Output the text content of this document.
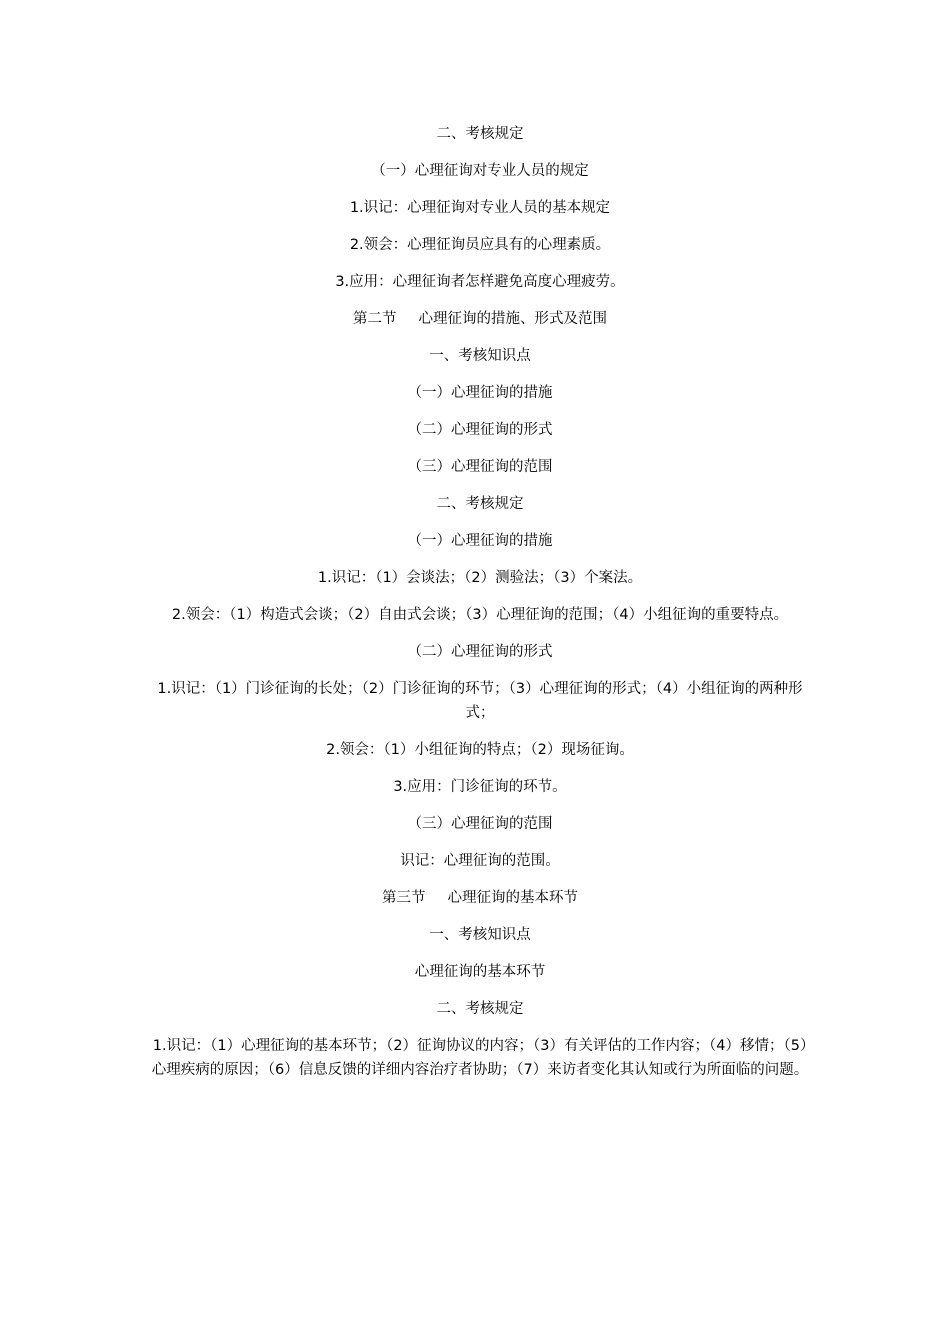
二、考核规定

（一）心理征询对专业人员的规定

1.识记：心理征询对专业人员的基本规定

2.领会：心理征询员应具有的心理素质。

3.应用：心理征询者怎样避免高度心理疲劳。

第二节 心理征询的措施、形式及范围

一、考核知识点

（一）心理征询的措施

（二）心理征询的形式

（三）心理征询的范围

二、考核规定

（一）心理征询的措施

1.识记：（1）会谈法；（2）测验法；（3）个案法。

2.领会：（1）构造式会谈；（2）自由式会谈；（3）心理征询的范围；（4）小组征询的重要特点。

（二）心理征询的形式

1.识记：（1）门诊征询的长处；（2）门诊征询的环节；（3）心理征询的形式；（4）小组征询的两种形式；

2.领会：（1）小组征询的特点；（2）现场征询。

3.应用：门诊征询的环节。

（三）心理征询的范围

识记：心理征询的范围。

第三节 心理征询的基本环节

一、考核知识点

心理征询的基本环节

二、考核规定

1.识记：（1）心理征询的基本环节；（2）征询协议的内容；（3）有关评估的工作内容；（4）移情；（5）心理疾病的原因；（6）信息反馈的详细内容治疗者协助；（7）来访者变化其认知或行为所面临的问题。
